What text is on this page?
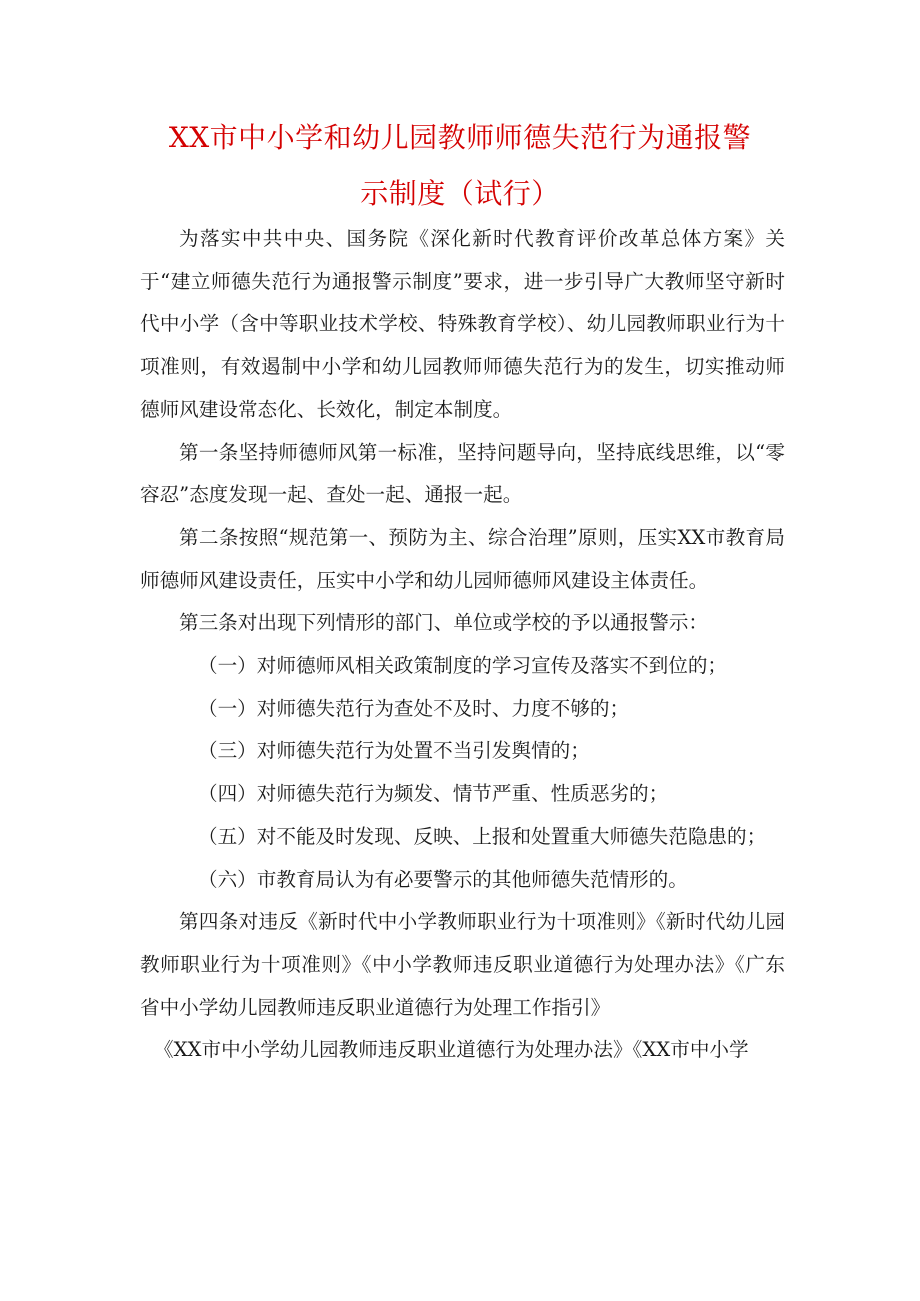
XX市中小学和幼儿园教师师德失范行为通报警
示制度（试行）

为落实中共中央、国务院《深化新时代教育评价改革总体方案》关于“建立师德失范行为通报警示制度”要求，进一步引导广大教师坚守新时代中小学（含中等职业技术学校、特殊教育学校）、幼儿园教师职业行为十项准则，有效遏制中小学和幼儿园教师师德失范行为的发生，切实推动师德师风建设常态化、长效化，制定本制度。

第一条坚持师德师风第一标准，坚持问题导向，坚持底线思维，以“零容忍”态度发现一起、查处一起、通报一起。

第二条按照“规范第一、预防为主、综合治理”原则，压实XX市教育局师德师风建设责任，压实中小学和幼儿园师德师风建设主体责任。

第三条对出现下列情形的部门、单位或学校的予以通报警示：

（一）对师德师风相关政策制度的学习宣传及落实不到位的；

（一）对师德失范行为查处不及时、力度不够的；

（三）对师德失范行为处置不当引发舆情的；

（四）对师德失范行为频发、情节严重、性质恶劣的；

（五）对不能及时发现、反映、上报和处置重大师德失范隐患的；

（六）市教育局认为有必要警示的其他师德失范情形的。

第四条对违反《新时代中小学教师职业行为十项准则》《新时代幼儿园教师职业行为十项准则》《中小学教师违反职业道德行为处理办法》《广东省中小学幼儿园教师违反职业道德行为处理工作指引》

《XX市中小学幼儿园教师违反职业道德行为处理办法》《XX市中小学
